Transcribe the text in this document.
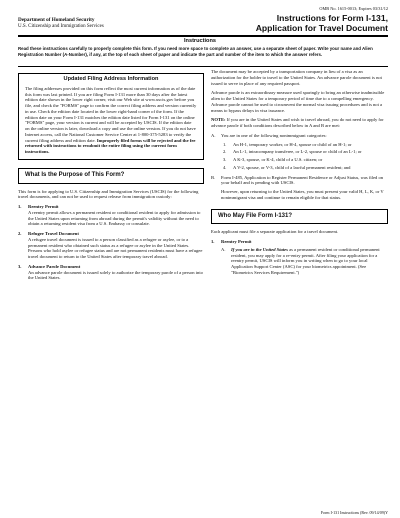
OMB No. 1615-0013; Expires 03/31/12
Department of Homeland Security
U.S. Citizenship and Immigration Services
Instructions for Form I-131,
Application for Travel Document
Instructions
Read these instructions carefully to properly complete this form. If you need more space to complete an answer, use a separate sheet of paper. Write your name and Alien Registration Number (A-Number), if any, at the top of each sheet of paper and indicate the part and number of the item to which the answer refers.
Updated Filing Address Information

The filing addresses provided on this form reflect the most current information as of the date this form was last printed. If you are filing Form I-131 more than 30 days after the latest edition date shown in the lower right corner, visit our Web site at www.uscis.gov before you file, and check the "FORMS" page to confirm the correct filing address and version currently in use. Check the edition date located in the lower right-hand corner of the form. If the edition date on your Form I-131 matches the edition date listed for Form I-131 on the online "FORMS" page, your version is current and will be accepted by USCIS. If the edition date on the online version is later, download a copy and use the online version. If you do not have Internet access, call the National Customer Service Center at 1-800-375-5283 to verify the current filing address and edition date. Improperly filed forms will be rejected and the fee returned with instructions to resubmit the entire filing using the current form instructions.

What Is the Purpose of This Form?

This form is for applying to U.S. Citizenship and Immigration Services (USCIS) for the following travel documents, and can not be used to request release from immigration custody:

1.	Reentry Permit

A reentry permit allows a permanent resident or conditional resident to apply for admission to the United States upon returning from abroad during the permit's validity without the need to obtain a returning resident visa from a U.S. Embassy or consulate.

2.	Refugee Travel Document

A refugee travel document is issued to a person classified as a refugee or asylee, or to a permanent resident who obtained such status as a refugee or asylee in the United States. Persons who hold asylee or refugee status and are not permanent residents must have a refugee travel document to return to the United States after temporary travel abroad.

3.	Advance Parole Document

An advance parole document is issued solely to authorize the temporary parole of a person into the United States.

The document may be accepted by a transportation company in lieu of a visa as an authorization for the holder to travel to the United States. An advance parole document is not issued to serve in place of any required passport.

Advance parole is an extraordinary measure used sparingly to bring an otherwise inadmissible alien to the United States for a temporary period of time due to a compelling emergency. Advance parole cannot be used to circumvent the normal visa issuing procedures and is not a means to bypass delays in visa issuance.

NOTE: If you are in the United States and wish to travel abroad, you do not need to apply for advance parole if both conditions described below in A and B are met:

A.	You are in one of the following nonimmigrant categories:
1.	An H-1, temporary worker, or H-4, spouse or child of an H-1; or
2.	An L-1, intracompany transferee, or L-2, spouse or child of an L-1; or
3.	A K-3, spouse, or K-4, child of a U.S. citizen; or
4.	A V-2, spouse, or V-3, child of a lawful permanent resident; and
B.	Form I-485, Application to Register Permanent Residence or Adjust Status, was filed on your behalf and is pending with USCIS.

However, upon returning to the United States, you must present your valid H, L, K, or V nonimmigrant visa and continue to remain eligible for that status.

Who May File Form I-131?

Each applicant must file a separate application for a travel document.

1.	Reentry Permit
A.	If you are in the United States as a permanent resident or conditional permanent resident, you may apply for a re-entry permit. After filing your application for a reentry permit, USCIS will inform you in writing when to go to your local Application Support Center (ASC) for your biometrics appointment. (See "Biometrics Services Requirement.")
Form I-131 Instructions (Rev. 09/14/09)Y
